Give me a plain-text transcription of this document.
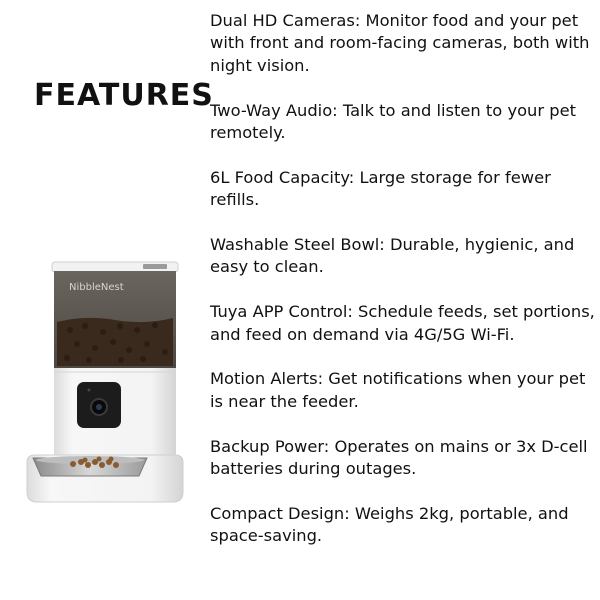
FEATURES
Dual HD Cameras: Monitor food and your pet with front and room-facing cameras, both with night vision.
Two-Way Audio: Talk to and listen to your pet remotely.
6L Food Capacity: Large storage for fewer refills.
Washable Steel Bowl: Durable, hygienic, and easy to clean.
Tuya APP Control: Schedule feeds, set portions, and feed on demand via 4G/5G Wi-Fi.
Motion Alerts: Get notifications when your pet is near the feeder.
Backup Power: Operates on mains or 3x D-cell batteries during outages.
Compact Design: Weighs 2kg, portable, and space-saving.
NibbleNest
